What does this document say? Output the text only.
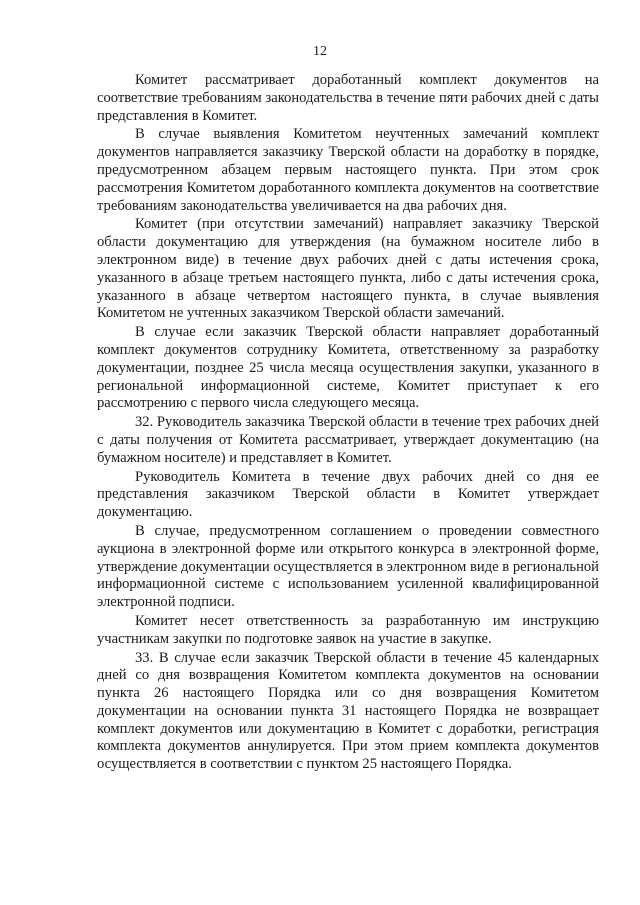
12

Комитет рассматривает доработанный комплект документов на соответствие требованиям законодательства в течение пяти рабочих дней с даты представления в Комитет.

В случае выявления Комитетом неучтенных замечаний комплект документов направляется заказчику Тверской области на доработку в порядке, предусмотренном абзацем первым настоящего пункта. При этом срок рассмотрения Комитетом доработанного комплекта документов на соответствие требованиям законодательства увеличивается на два рабочих дня.

Комитет (при отсутствии замечаний) направляет заказчику Тверской области документацию для утверждения (на бумажном носителе либо в электронном виде) в течение двух рабочих дней с даты истечения срока, указанного в абзаце третьем настоящего пункта, либо с даты истечения срока, указанного в абзаце четвертом настоящего пункта, в случае выявления Комитетом не учтенных заказчиком Тверской области замечаний.

В случае если заказчик Тверской области направляет доработанный комплект документов сотруднику Комитета, ответственному за разработку документации, позднее 25 числа месяца осуществления закупки, указанного в региональной информационной системе, Комитет приступает к его рассмотрению с первого числа следующего месяца.

32. Руководитель заказчика Тверской области в течение трех рабочих дней с даты получения от Комитета рассматривает, утверждает документацию (на бумажном носителе) и представляет в Комитет.

Руководитель Комитета в течение двух рабочих дней со дня ее представления заказчиком Тверской области в Комитет утверждает документацию.

В случае, предусмотренном соглашением о проведении совместного аукциона в электронной форме или открытого конкурса в электронной форме, утверждение документации осуществляется в электронном виде в региональной информационной системе с использованием усиленной квалифицированной электронной подписи.

Комитет несет ответственность за разработанную им инструкцию участникам закупки по подготовке заявок на участие в закупке.

33. В случае если заказчик Тверской области в течение 45 календарных дней со дня возвращения Комитетом комплекта документов на основании пункта 26 настоящего Порядка или со дня возвращения Комитетом документации на основании пункта 31 настоящего Порядка не возвращает комплект документов или документацию в Комитет с доработки, регистрация комплекта документов аннулируется. При этом прием комплекта документов осуществляется в соответствии с пунктом 25 настоящего Порядка.
